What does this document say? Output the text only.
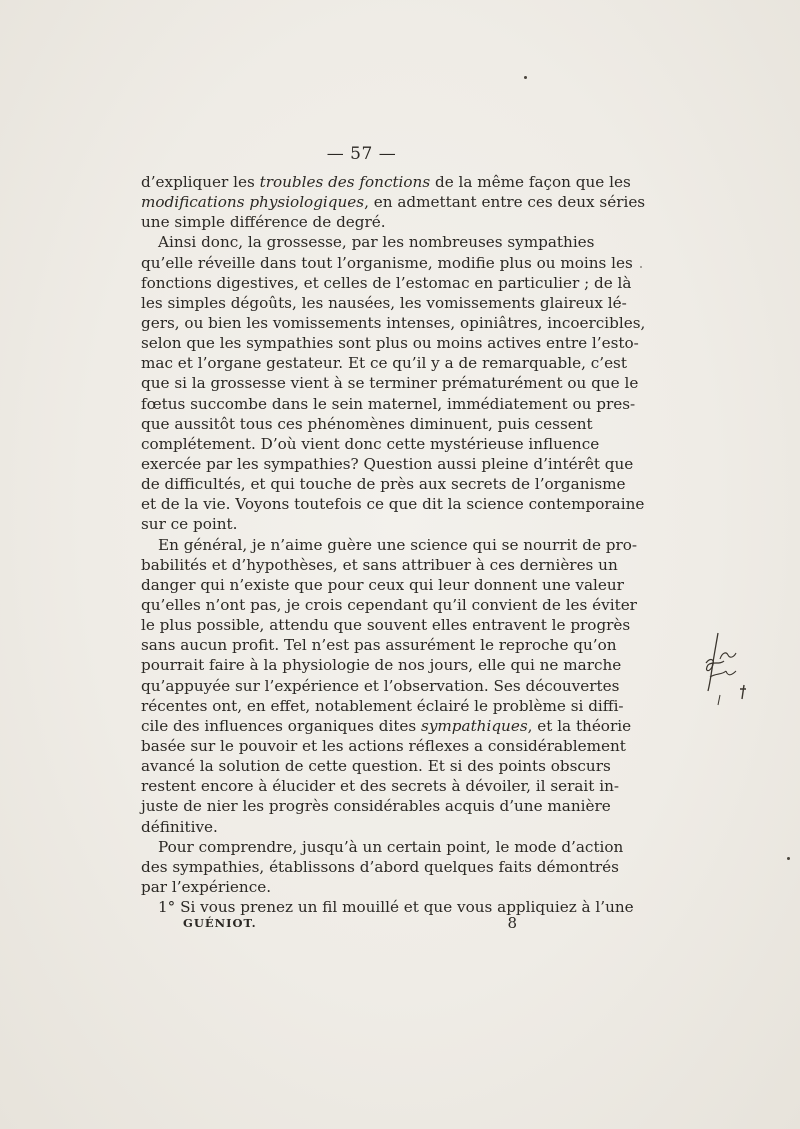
— 57 —
d’expliquer les troubles des fonctions de la même façon que les
modifications physiologiques, en admettant entre ces deux séries
une simple différence de degré.
Ainsi donc, la grossesse, par les nombreuses sympathies
qu’elle réveille dans tout l’organisme, modifie plus ou moins les
fonctions digestives, et celles de l’estomac en particulier ; de là
les simples dégoûts, les nausées, les vomissements glaireux lé-
gers, ou bien les vomissements intenses, opiniâtres, incoercibles,
selon que les sympathies sont plus ou moins actives entre l’esto-
mac et l’organe gestateur. Et ce qu’il y a de remarquable, c’est
que si la grossesse vient à se terminer prématurément ou que le
fœtus succombe dans le sein maternel, immédiatement ou pres-
que aussitôt tous ces phénomènes diminuent, puis cessent
complétement. D’où vient donc cette mystérieuse influence
exercée par les sympathies? Question aussi pleine d’intérêt que
de difficultés, et qui touche de près aux secrets de l’organisme
et de la vie. Voyons toutefois ce que dit la science contemporaine
sur ce point.
En général, je n’aime guère une science qui se nourrit de pro-
babilités et d’hypothèses, et sans attribuer à ces dernières un
danger qui n’existe que pour ceux qui leur donnent une valeur
qu’elles n’ont pas, je crois cependant qu’il convient de les éviter
le plus possible, attendu que souvent elles entravent le progrès
sans aucun profit. Tel n’est pas assurément le reproche qu’on
pourrait faire à la physiologie de nos jours, elle qui ne marche
qu’appuyée sur l’expérience et l’observation. Ses découvertes
récentes ont, en effet, notablement éclairé le problème si diffi-
cile des influences organiques dites sympathiques, et la théorie
basée sur le pouvoir et les actions réflexes a considérablement
avancé la solution de cette question. Et si des points obscurs
restent encore à élucider et des secrets à dévoiler, il serait in-
juste de nier les progrès considérables acquis d’une manière
définitive.
Pour comprendre, jusqu’à un certain point, le mode d’action
des sympathies, établissons d’abord quelques faits démontrés
par l’expérience.
1° Si vous prenez un fil mouillé et que vous appliquiez à l’une
GUÉNIOT.	8
